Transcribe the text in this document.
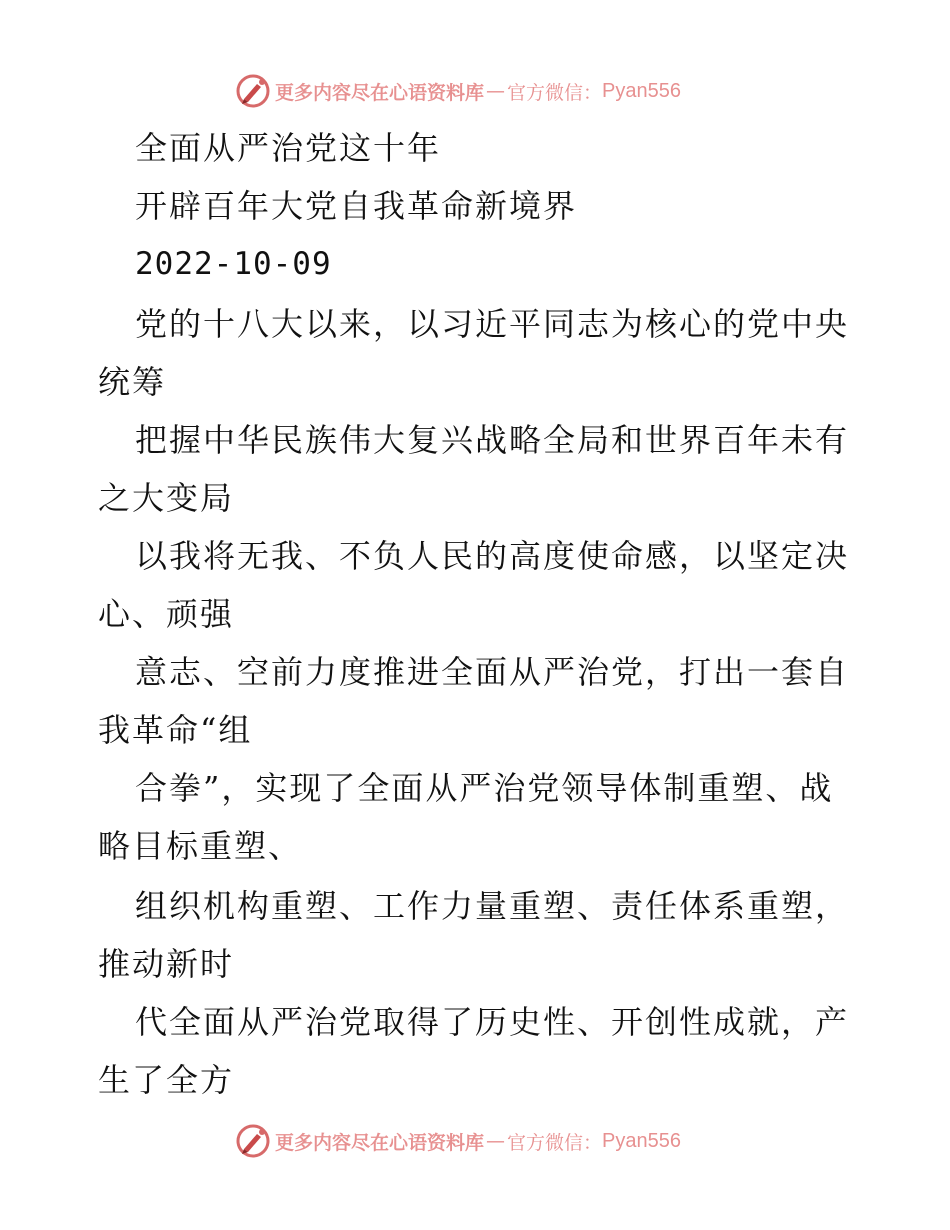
更多内容尽在心语资料库 — 官方微信： Pyan556
全面从严治党这十年
开辟百年大党自我革命新境界
2022-10-09
党的十八大以来，以习近平同志为核心的党中央
统筹
把握中华民族伟大复兴战略全局和世界百年未有
之大变局
以我将无我、不负人民的高度使命感，以坚定决
心、顽强
意志、空前力度推进全面从严治党，打出一套自
我革命“组
合拳”，实现了全面从严治党领导体制重塑、战
略目标重塑、
组织机构重塑、工作力量重塑、责任体系重塑，
推动新时
代全面从严治党取得了历史性、开创性成就，产
生了全方
更多内容尽在心语资料库 — 官方微信： Pyan556
